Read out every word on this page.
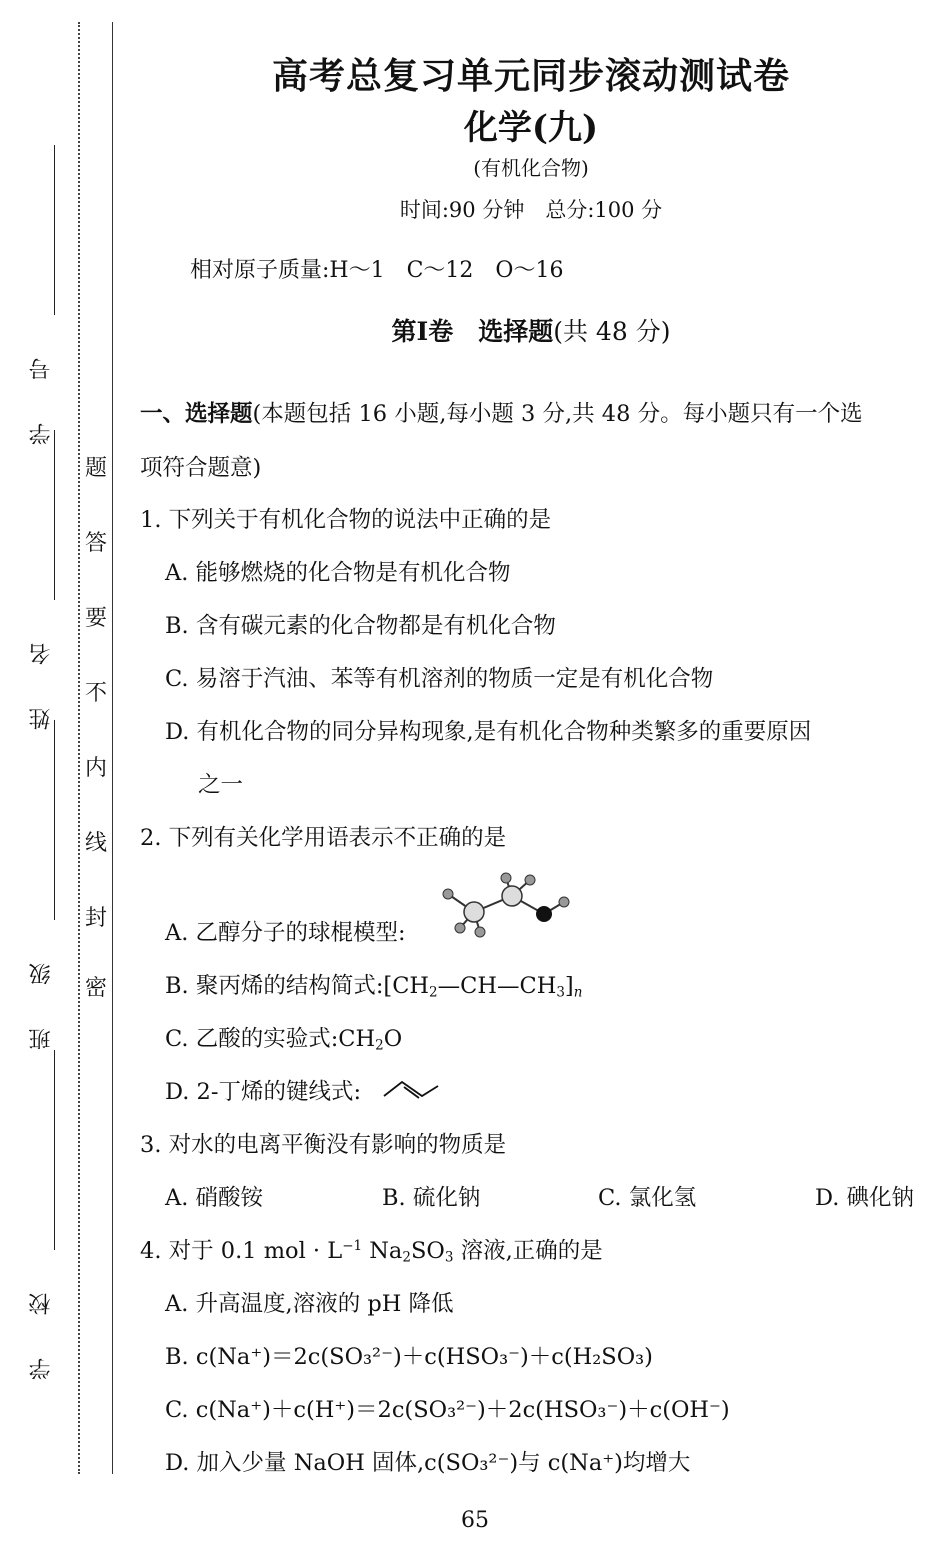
学 号
姓 名
班 级
学 校
题
答
要
不
内
线
封
密
高考总复习单元同步滚动测试卷
化学(九)
(有机化合物)
时间:90 分钟　总分:100 分
相对原子质量:H～1　C～12　O～16
第Ⅰ卷　选择题(共 48 分)
一、选择题(本题包括 16 小题,每小题 3 分,共 48 分。每小题只有一个选
项符合题意)
1. 下列关于有机化合物的说法中正确的是
A. 能够燃烧的化合物是有机化合物
B. 含有碳元素的化合物都是有机化合物
C. 易溶于汽油、苯等有机溶剂的物质一定是有机化合物
D. 有机化合物的同分异构现象,是有机化合物种类繁多的重要原因
之一
2. 下列有关化学用语表示不正确的是
A. 乙醇分子的球棍模型:
B. 聚丙烯的结构简式$:[CH_2—CH—CH_3]_n$
C. 乙酸的实验式$:CH_2O$
D. 2-丁烯的键线式:
3. 对水的电离平衡没有影响的物质是
A. 硝酸铵	B. 硫化钠	C. 氯化氢	D. 碘化钠
4. 对于 0.1 mol · $L^{-1}$ $Na_2SO_3$ 溶液,正确的是
A. 升高温度,溶液的 pH 降低
B. c(Na⁺)＝2c(SO₃²⁻)＋c(HSO₃⁻)＋c(H₂SO₃)
C. c(Na⁺)＋c(H⁺)＝2c(SO₃²⁻)＋2c(HSO₃⁻)＋c(OH⁻)
D. 加入少量 NaOH 固体,c(SO₃²⁻)与 c(Na⁺)均增大
65
